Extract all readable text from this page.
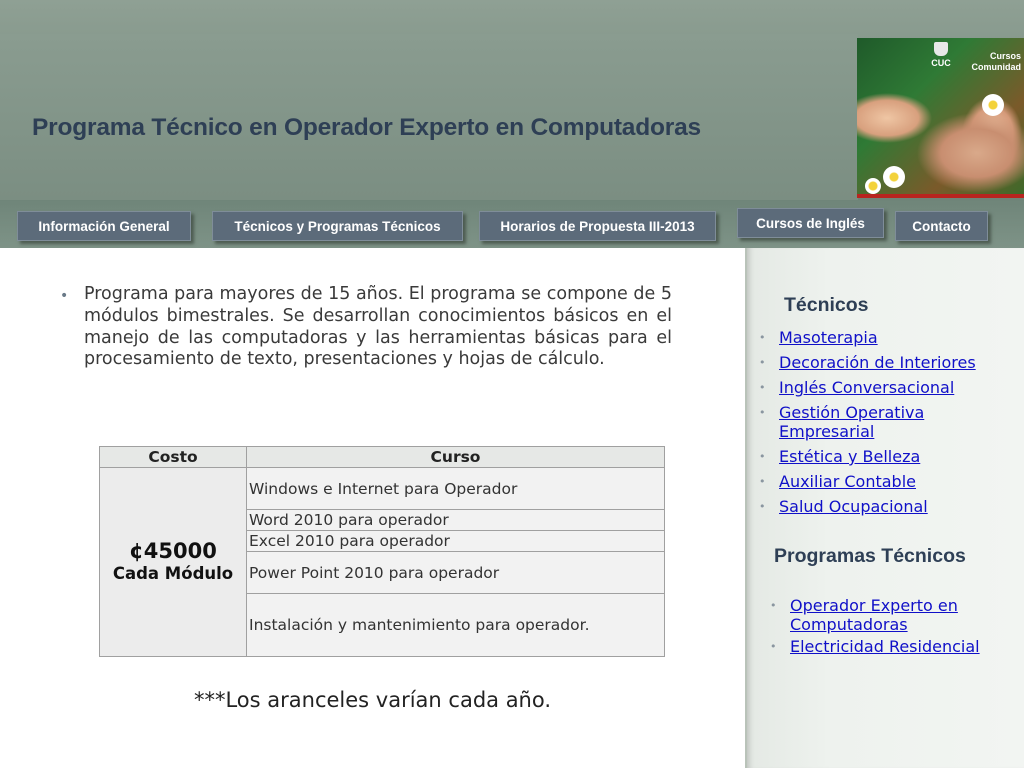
Programa Técnico en Operador Experto en Computadoras
CUC
Cursos
Comunidad
Información General	Técnicos y Programas Técnicos	Horarios de Propuesta III-2013	Cursos de Inglés	Contacto
• Programa para mayores de 15 años. El programa se compone de 5 módulos bimestrales. Se desarrollan conocimientos básicos en el manejo de las computadoras y las herramientas básicas para el procesamiento de texto, presentaciones y hojas de cálculo.

Costo	Curso

¢45000
Cada Módulo	Windows e Internet para Operador
	Word 2010 para operador
	Excel 2010 para operador
	Power Point 2010 para operador
	Instalación y mantenimiento para operador.
***Los aranceles varían cada año.
Técnicos
• Masoterapia
• Decoración de Interiores
• Inglés Conversacional
• Gestión Operativa Empresarial
• Estética y Belleza
• Auxiliar Contable
• Salud Ocupacional
Programas Técnicos
• Operador Experto en Computadoras
• Electricidad Residencial
